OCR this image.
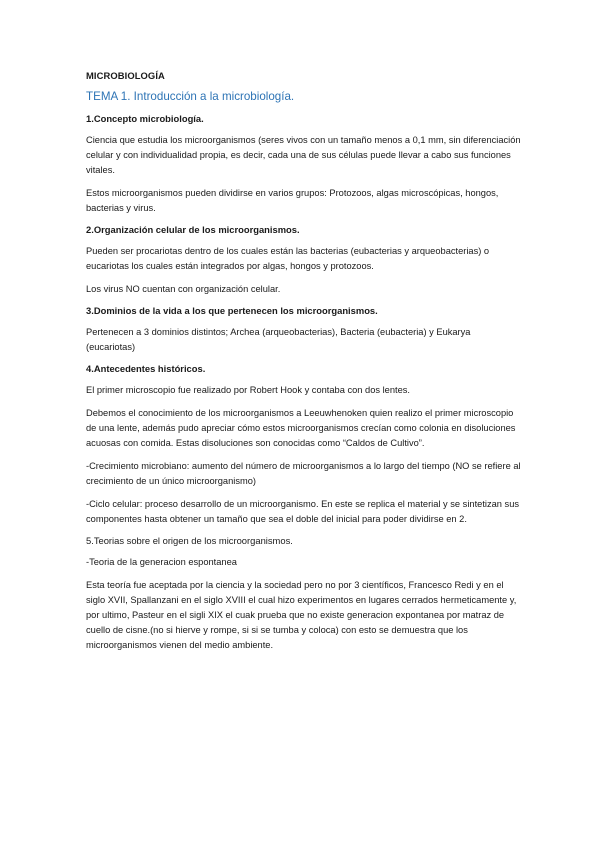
MICROBIOLOGÍA
TEMA 1. Introducción a la microbiología.
1.Concepto microbiología.

Ciencia que estudia los microorganismos (seres vivos con un tamaño menos a 0,1 mm, sin diferenciación celular y con individualidad propia, es decir, cada una de sus células puede llevar a cabo sus funciones vitales.

Estos microorganismos pueden dividirse en varios grupos: Protozoos, algas microscópicas, hongos, bacterias y virus.

2.Organización celular de los microorganismos.

Pueden ser procariotas dentro de los cuales están las bacterias (eubacterias y arqueobacterias) o eucariotas los cuales están integrados por algas, hongos y protozoos.

Los virus NO cuentan con organización celular.

3.Dominios de la vida a los que pertenecen los microorganismos.

Pertenecen a 3 dominios distintos; Archea (arqueobacterias), Bacteria (eubacteria) y Eukarya (eucariotas)

4.Antecedentes históricos.

El primer microscopio fue realizado por Robert Hook y contaba con dos lentes.

Debemos el conocimiento de los microorganismos a Leeuwhenoken quien realizo el primer microscopio de una lente, además pudo apreciar cómo estos microorganismos crecían como colonia en disoluciones acuosas con comida. Estas disoluciones son conocidas como “Caldos de Cultivo”.

-Crecimiento microbiano: aumento del número de microorganismos a lo largo del tiempo (NO se refiere al crecimiento de un único microorganismo)

-Ciclo celular: proceso desarrollo de un microorganismo. En este se replica el material y se sintetizan sus componentes hasta obtener un tamaño que sea el doble del inicial para poder dividirse en 2.

5.Teorias sobre el origen de los microorganismos.

-Teoria de la generacion espontanea

Esta teoría fue aceptada por la ciencia y la sociedad pero no por 3 científicos, Francesco Redi y en el siglo XVII, Spallanzani en el siglo XVIII el cual hizo experimentos en lugares cerrados hermeticamente y, por ultimo, Pasteur en el sigli XIX el cuak prueba que no existe generacion expontanea por matraz de cuello de cisne.(no si hierve y rompe, si si se tumba y coloca) con esto se demuestra que los microorganismos vienen del medio ambiente.
